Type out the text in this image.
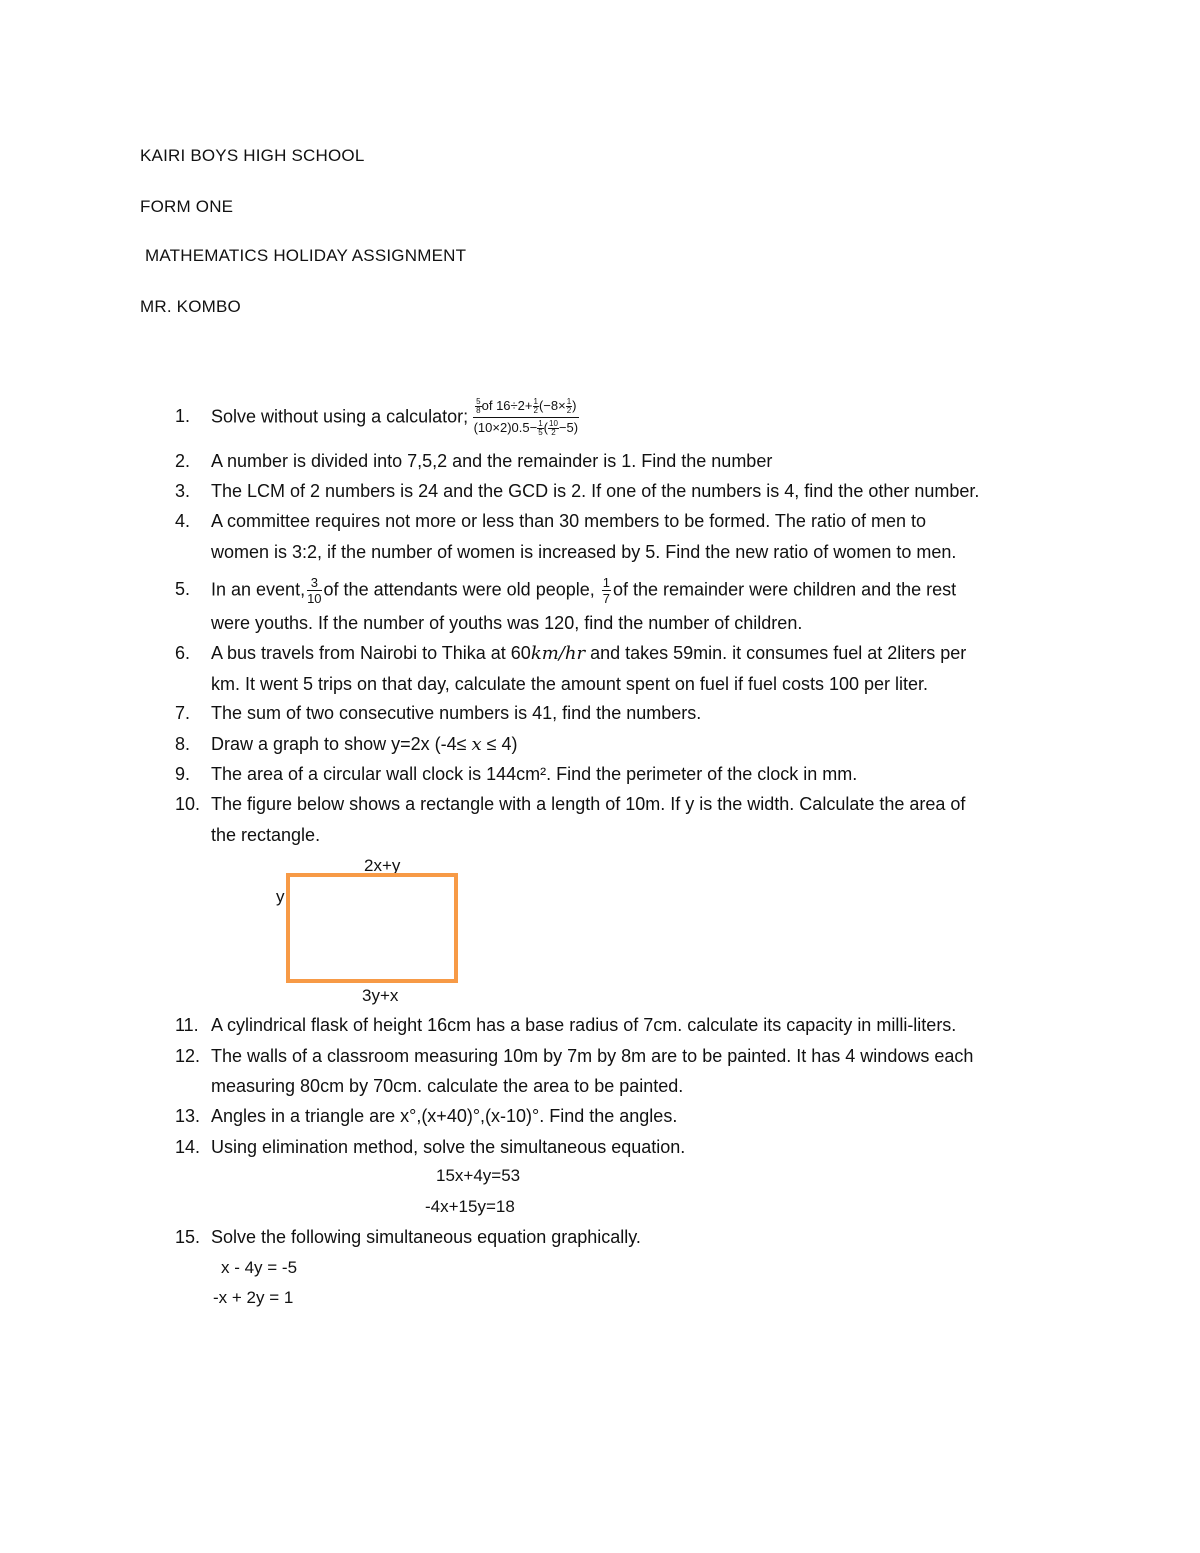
KAIRI BOYS HIGH SCHOOL
FORM ONE
MATHEMATICS HOLIDAY ASSIGNMENT
MR. KOMBO
1. Solve without using a calculator; $\frac{\frac{5}{8} of 16\div 2+ \frac{1}{2} (-8\times \frac{1}{2} )}{(10\times 2)0.5- \frac{1}{5} ( \frac{10}{2} -5)}$
2. A number is divided into 7,5,2 and the remainder is 1. Find the number
3. The LCM of 2 numbers is 24 and the GCD is 2. If one of the numbers is 4, find the other number.
4. A committee requires not more or less than 30 members to be formed. The ratio of men to
women is 3:2, if the number of women is increased by 5. Find the new ratio of women to men.
5. In an event, $\frac{3}{10}$ of the attendants were old people, $\frac{1}{7}$ of the remainder were children and the rest
were youths. If the number of youths was 120, find the number of children.
6. A bus travels from Nairobi to Thika at 60km/hr and takes 59min. it consumes fuel at 2liters per
km. It went 5 trips on that day, calculate the amount spent on fuel if fuel costs 100 per liter.
7. The sum of two consecutive numbers is 41, find the numbers.
8. Draw a graph to show y=2x (-4≤ x ≤ 4)
9. The area of a circular wall clock is 144cm². Find the perimeter of the clock in mm.
10. The figure below shows a rectangle with a length of 10m. If y is the width. Calculate the area of
the rectangle.
2x+y
y
3y+x
11. A cylindrical flask of height 16cm has a base radius of 7cm. calculate its capacity in milli-liters.
12. The walls of a classroom measuring 10m by 7m by 8m are to be painted. It has 4 windows each
measuring 80cm by 70cm. calculate the area to be painted.
13. Angles in a triangle are x°,(x+40)°,(x-10)°. Find the angles.
14. Using elimination method, solve the simultaneous equation.
15x+4y=53
-4x+15y=18
15. Solve the following simultaneous equation graphically.
x - 4y = -5
-x + 2y = 1
